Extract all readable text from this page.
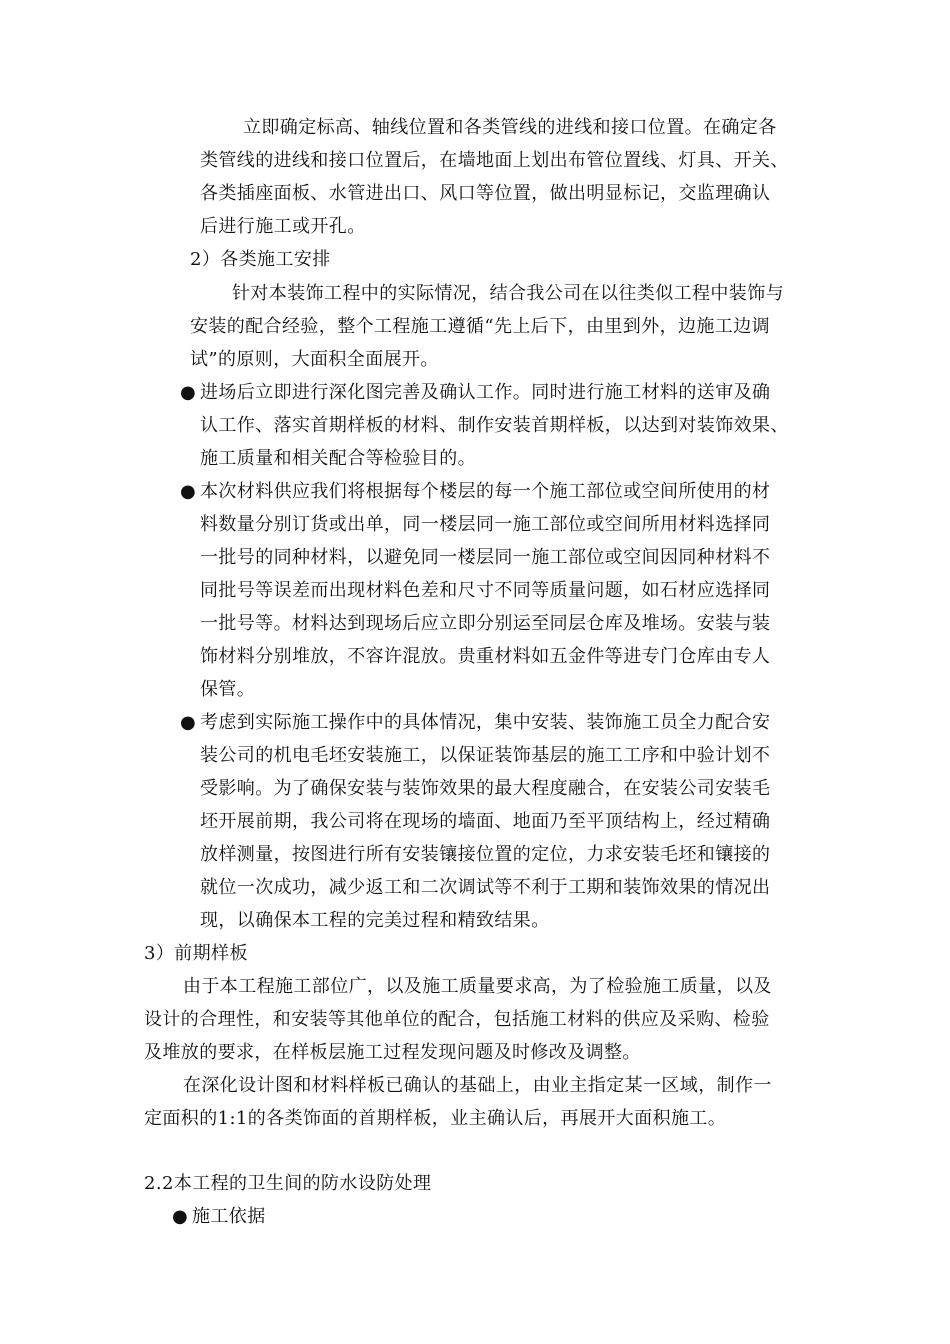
立即确定标高、轴线位置和各类管线的进线和接口位置。在确定各

类管线的进线和接口位置后，在墙地面上划出布管位置线、灯具、开关、

各类插座面板、水管进出口、风口等位置，做出明显标记，交监理确认

后进行施工或开孔。

2）各类施工安排

针对本装饰工程中的实际情况，结合我公司在以往类似工程中装饰与

安装的配合经验，整个工程施工遵循“先上后下，由里到外，边施工边调

试”的原则，大面积全面展开。

● 进场后立即进行深化图完善及确认工作。同时进行施工材料的送审及确

认工作、落实首期样板的材料、制作安装首期样板，以达到对装饰效果、

施工质量和相关配合等检验目的。

● 本次材料供应我们将根据每个楼层的每一个施工部位或空间所使用的材

料数量分别订货或出单，同一楼层同一施工部位或空间所用材料选择同

一批号的同种材料，以避免同一楼层同一施工部位或空间因同种材料不

同批号等误差而出现材料色差和尺寸不同等质量问题，如石材应选择同

一批号等。材料达到现场后应立即分别运至同层仓库及堆场。安装与装

饰材料分别堆放，不容许混放。贵重材料如五金件等进专门仓库由专人

保管。

● 考虑到实际施工操作中的具体情况，集中安装、装饰施工员全力配合安

装公司的机电毛坯安装施工，以保证装饰基层的施工工序和中验计划不

受影响。为了确保安装与装饰效果的最大程度融合，在安装公司安装毛

坯开展前期，我公司将在现场的墙面、地面乃至平顶结构上，经过精确

放样测量，按图进行所有安装镶接位置的定位，力求安装毛坯和镶接的

就位一次成功，减少返工和二次调试等不利于工期和装饰效果的情况出

现，以确保本工程的完美过程和精致结果。

3）前期样板

由于本工程施工部位广，以及施工质量要求高，为了检验施工质量，以及

设计的合理性，和安装等其他单位的配合，包括施工材料的供应及采购、检验

及堆放的要求，在样板层施工过程发现问题及时修改及调整。

在深化设计图和材料样板已确认的基础上，由业主指定某一区域，制作一

定面积的1:1的各类饰面的首期样板，业主确认后，再展开大面积施工。

2.2本工程的卫生间的防水设防处理

● 施工依据
